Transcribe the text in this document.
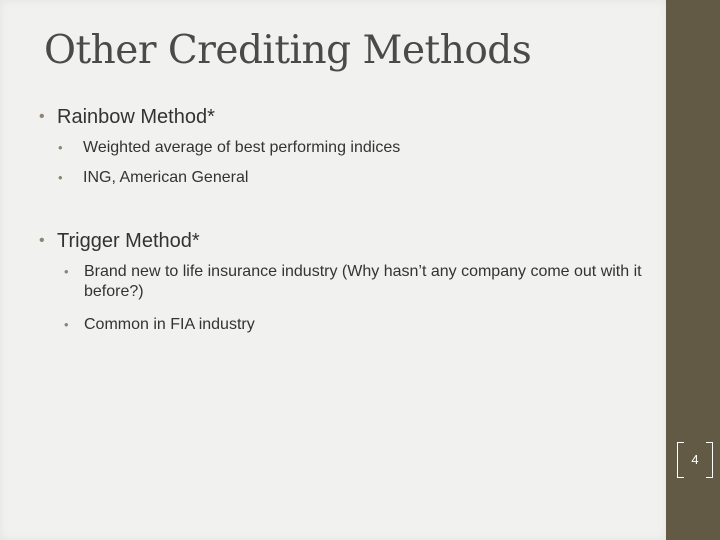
Other Crediting Methods
• Rainbow Method*
•	Weighted average of best performing indices
•	ING, American General
• Trigger Method*
• Brand new to life insurance industry (Why hasn’t any company come out with it before?)
• Common in FIA industry
4
